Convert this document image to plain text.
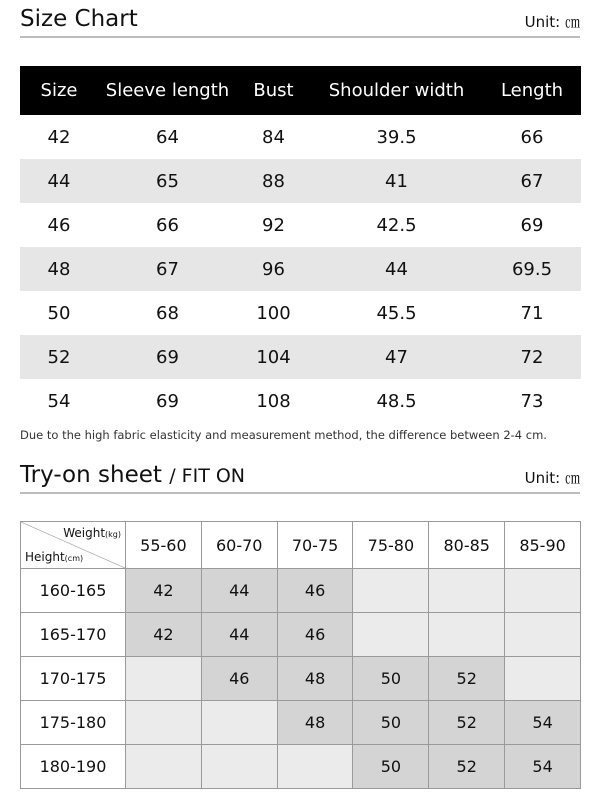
Size Chart	Unit: ㎝
Size	Sleeve length	Bust	Shoulder width	Length
42	64	84	39.5	66
44	65	88	41	67
46	66	92	42.5	69
48	67	96	44	69.5
50	68	100	45.5	71
52	69	104	47	72
54	69	108	48.5	73
Due to the high fabric elasticity and measurement method, the difference between 2-4 cm.
Try-on sheet / FIT ON	Unit: ㎝
Weight(kg)
Height(cm)	55-60	60-70	70-75	75-80	80-85	85-90
160-165	42	44	46			
165-170	42	44	46			
170-175		46	48	50	52	
175-180			48	50	52	54
180-190				50	52	54
